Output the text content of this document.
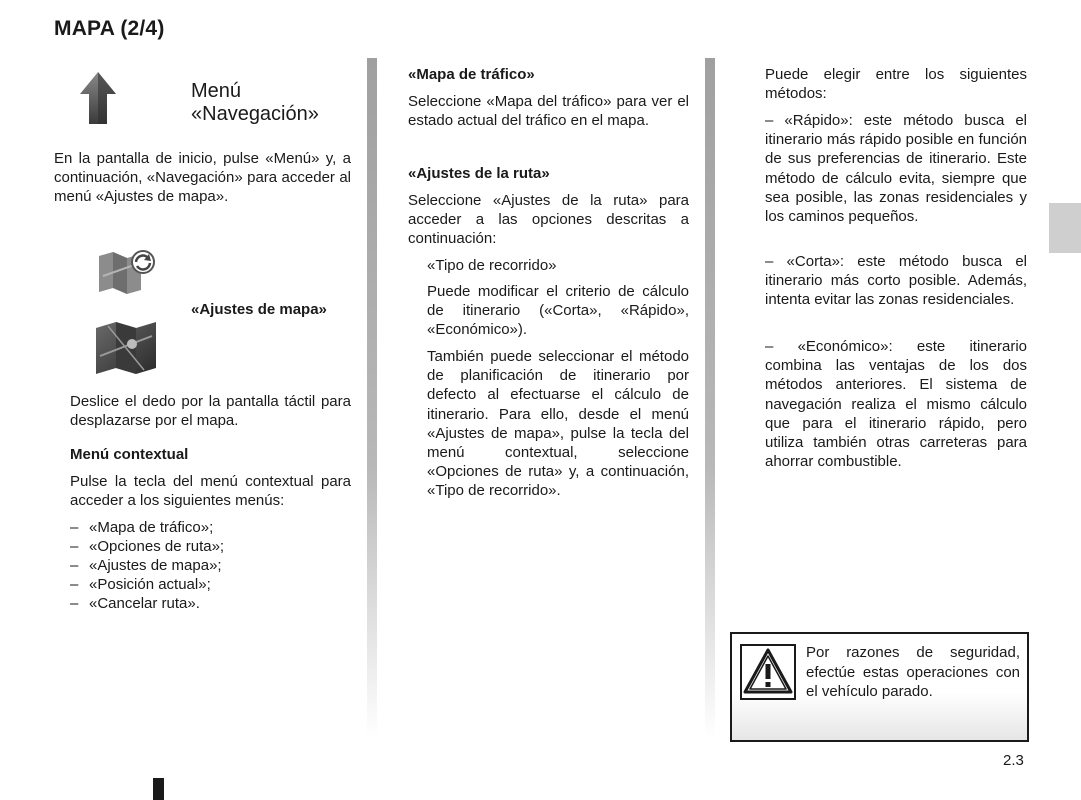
MAPA (2/4)
Menú
«Navegación»

En la pantalla de inicio, pulse «Menú» y, a continuación, «Navegación» para acceder al menú «Ajustes de mapa».

«Ajustes de mapa»

Deslice el dedo por la pantalla táctil para desplazarse por el mapa.

Menú contextual

Pulse la tecla del menú contextual para acceder a los siguientes menús:

– «Mapa de tráfico»;
– «Opciones de ruta»;
– «Ajustes de mapa»;
– «Posición actual»;
– «Cancelar ruta».
«Mapa de tráfico»

Seleccione «Mapa del tráfico» para ver el estado actual del tráfico en el mapa.

«Ajustes de la ruta»

Seleccione «Ajustes de la ruta» para acceder a las opciones descritas a continuación:

«Tipo de recorrido»

Puede modificar el criterio de cálculo de itinerario («Corta», «Rápido», «Económico»).

También puede seleccionar el método de planificación de itinerario por defecto al efectuarse el cálculo de itinerario. Para ello, desde el menú «Ajustes de mapa», pulse la tecla del menú contextual, seleccione «Opciones de ruta» y, a continuación, «Tipo de recorrido».

Puede elegir entre los siguientes métodos:

– «Rápido»: este método busca el itinerario más rápido posible en función de sus preferencias de itinerario. Este método de cálculo evita, siempre que sea posible, las zonas residenciales y los caminos pequeños.

– «Corta»: este método busca el itinerario más corto posible. Además, intenta evitar las zonas residenciales.

– «Económico»: este itinerario combina las ventajas de los dos métodos anteriores. El sistema de navegación realiza el mismo cálculo que para el itinerario rápido, pero utiliza también otras carreteras para ahorrar combustible.

Por razones de seguridad, efectúe estas operaciones con el vehículo parado.
2.3
